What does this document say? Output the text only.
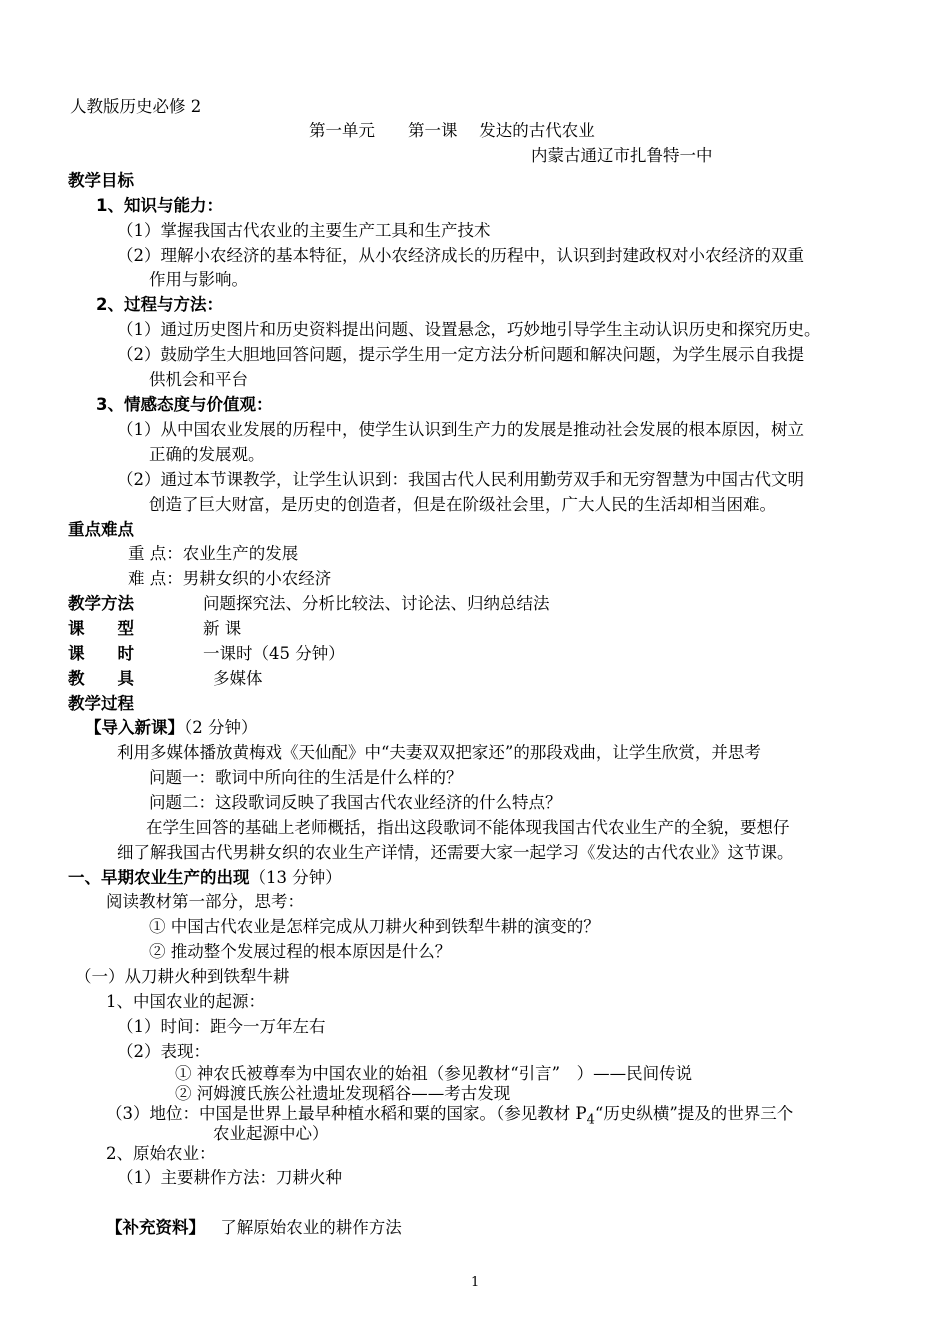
人教版历史必修 2
第一单元　　第一课　 发达的古代农业
内蒙古通辽市扎鲁特一中
教学目标
1、知识与能力：
（1）掌握我国古代农业的主要生产工具和生产技术
（2）理解小农经济的基本特征，从小农经济成长的历程中，认识到封建政权对小农经济的双重
作用与影响。
2、过程与方法：
（1）通过历史图片和历史资料提出问题、设置悬念，巧妙地引导学生主动认识历史和探究历史。
（2）鼓励学生大胆地回答问题，提示学生用一定方法分析问题和解决问题，为学生展示自我提
供机会和平台
3、情感态度与价值观：
（1）从中国农业发展的历程中，使学生认识到生产力的发展是推动社会发展的根本原因，树立
正确的发展观。
（2）通过本节课教学，让学生认识到：我国古代人民利用勤劳双手和无穷智慧为中国古代文明
创造了巨大财富，是历史的创造者，但是在阶级社会里，广大人民的生活却相当困难。
重点难点
重 点：农业生产的发展
难 点：男耕女织的小农经济
教学方法	问题探究法、分析比较法、讨论法、归纳总结法
课　　型	新 课
课　　时	一课时（45 分钟）
教　　具	多媒体
教学过程
【导入新课】（2 分钟）
利用多媒体播放黄梅戏《天仙配》中“夫妻双双把家还”的那段戏曲，让学生欣赏，并思考
问题一：歌词中所向往的生活是什么样的？
问题二：这段歌词反映了我国古代农业经济的什么特点？
在学生回答的基础上老师概括，指出这段歌词不能体现我国古代农业生产的全貌，要想仔
细了解我国古代男耕女织的农业生产详情，还需要大家一起学习《发达的古代农业》这节课。
一、早期农业生产的出现（13 分钟）
阅读教材第一部分，思考：
① 中国古代农业是怎样完成从刀耕火种到铁犁牛耕的演变的？
② 推动整个发展过程的根本原因是什么？
（一）从刀耕火种到铁犁牛耕
1、中国农业的起源：
（1）时间：距今一万年左右
（2）表现：
① 神农氏被尊奉为中国农业的始祖（参见教材“引言”　）——民间传说
② 河姆渡氏族公社遗址发现稻谷——考古发现
（3）地位：中国是世界上最早种植水稻和粟的国家。（参见教材 $P_4“$历史纵横”提及的世界三个
农业起源中心）
2、原始农业：
（1）主要耕作方法：刀耕火种
【补充资料】 了解原始农业的耕作方法
1
